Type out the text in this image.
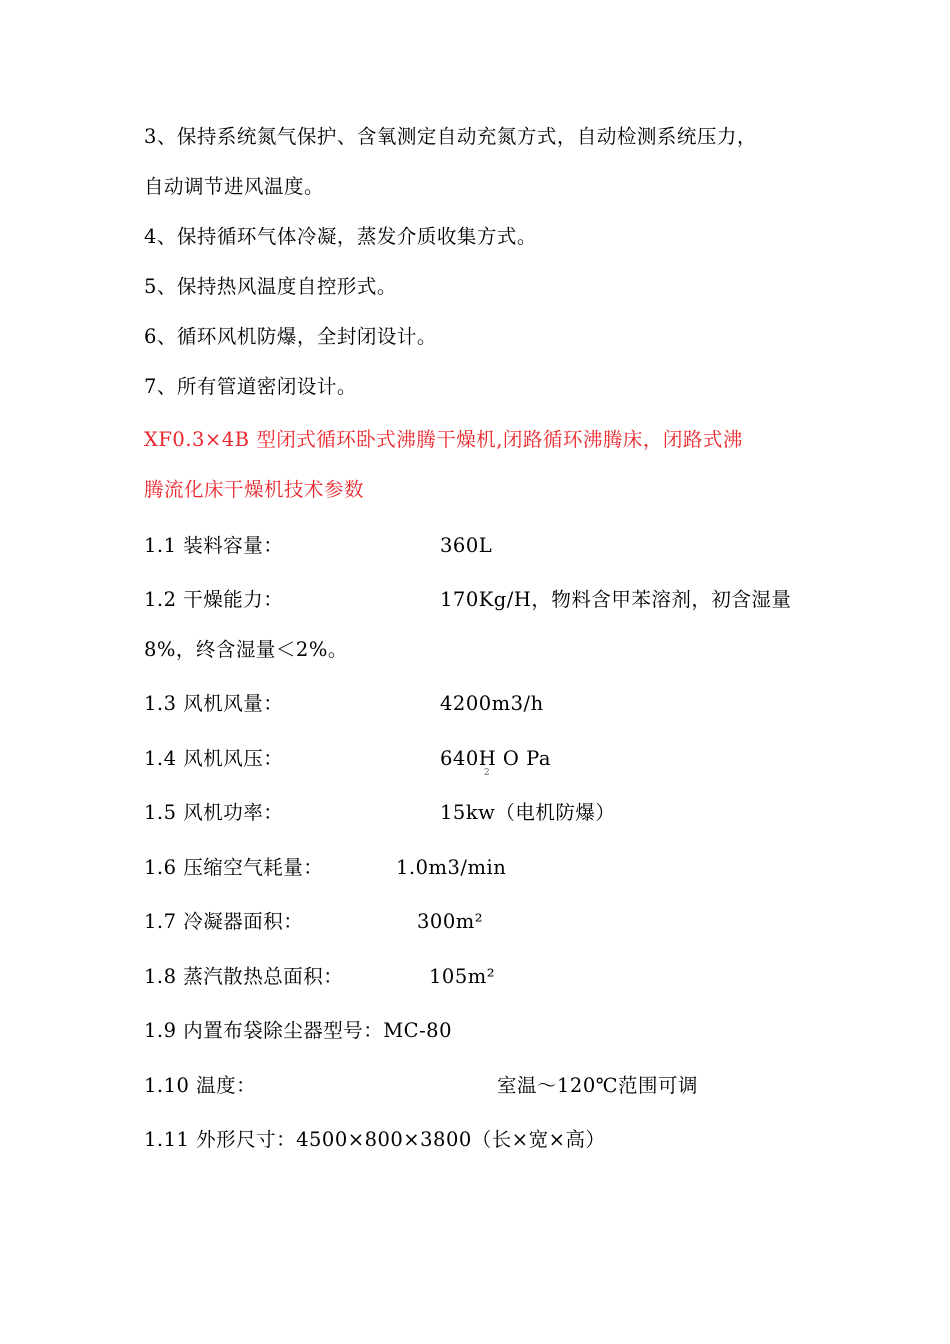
3、保持系统氮气保护、含氧测定自动充氮方式，自动检测系统压力，
自动调节进风温度。
4、保持循环气体冷凝，蒸发介质收集方式。
5、保持热风温度自控形式。
6、循环风机防爆，全封闭设计。
7、所有管道密闭设计。
XF0.3×4B 型闭式循环卧式沸腾干燥机,闭路循环沸腾床，闭路式沸
腾流化床干燥机技术参数
1.1 装料容量：	360L
1.2 干燥能力：	170Kg/H，物料含甲苯溶剂，初含湿量
8%，终含湿量＜2%。
1.3 风机风量：	4200m3/h
1.4 风机风压：	640H O Pa
2
1.5 风机功率：	15kw（电机防爆）
1.6 压缩空气耗量：	1.0m3/min
1.7 冷凝器面积：	300m²
1.8 蒸汽散热总面积：	105m²
1.9 内置布袋除尘器型号：MC-80
1.10 温度：	室温～120℃范围可调
1.11 外形尺寸：4500×800×3800（长×宽×高）
